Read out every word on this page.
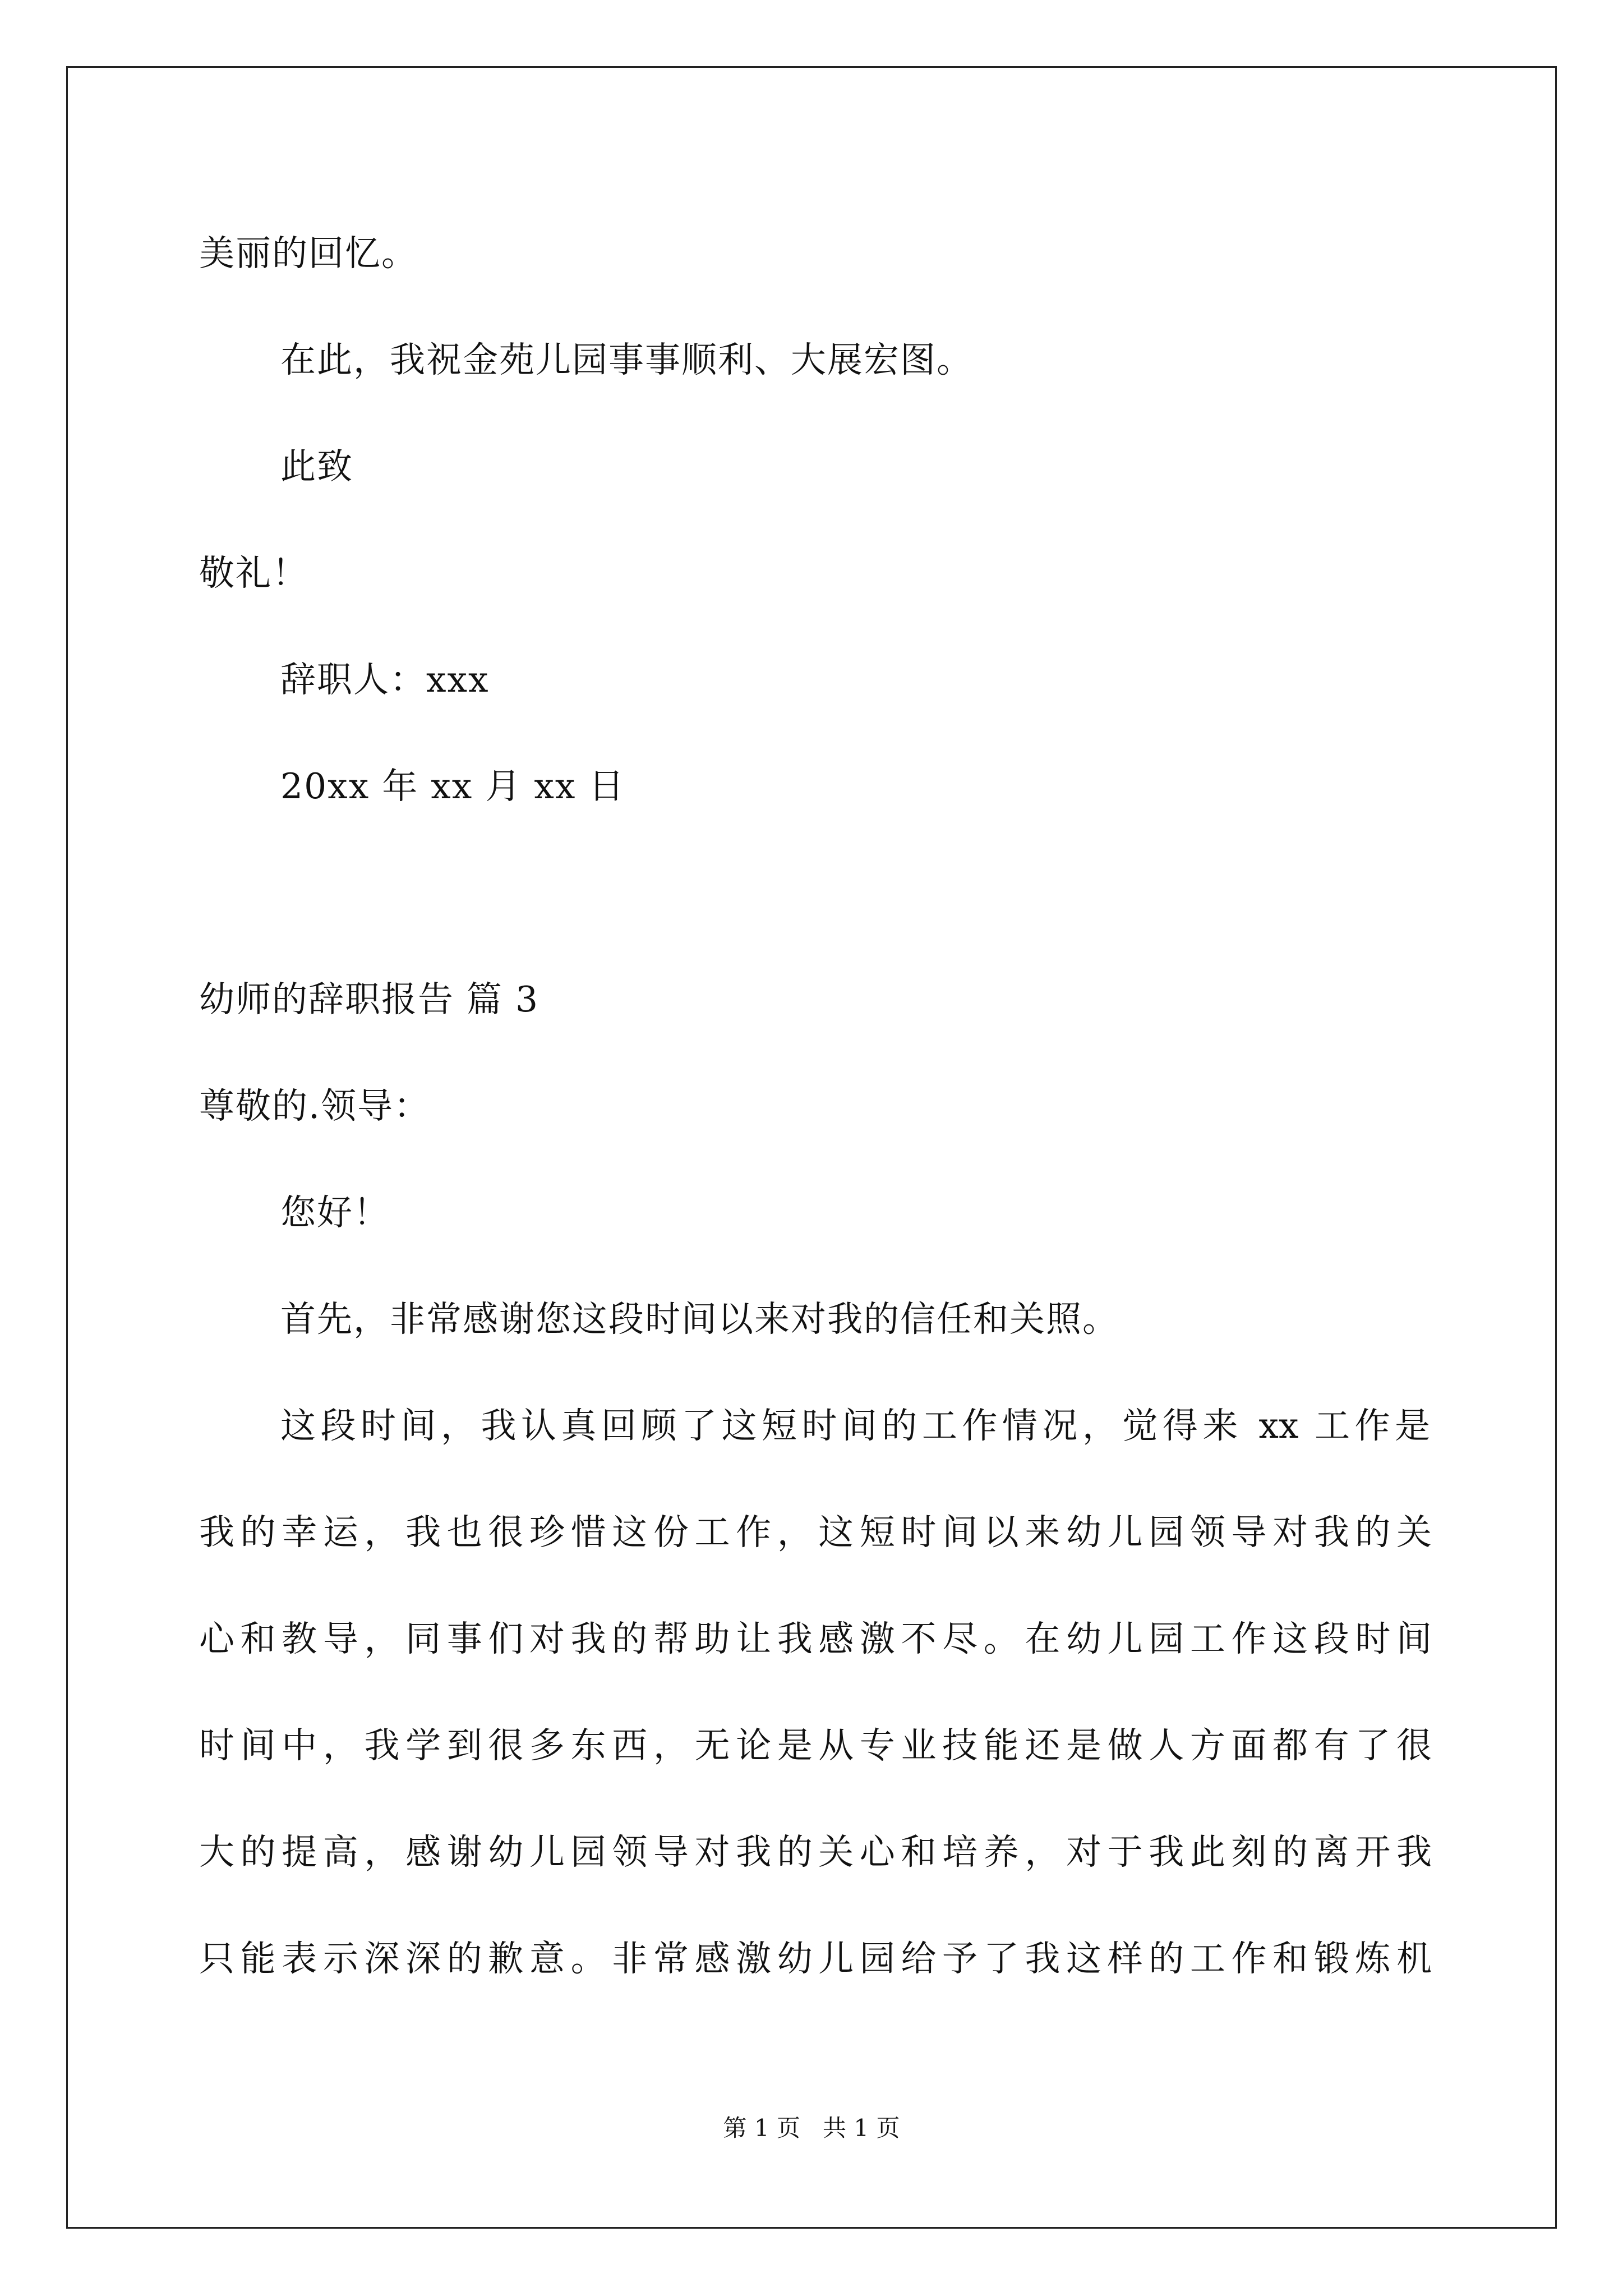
美丽的回忆。
在此，我祝金苑儿园事事顺利、大展宏图。
此致
敬礼！
辞职人：xxx
20xx 年 xx 月 xx 日
幼师的辞职报告 篇 3
尊敬的.领导：
您好！
首先，非常感谢您这段时间以来对我的信任和关照。
这段时间，我认真回顾了这短时间的工作情况，觉得来 xx 工作是
我的幸运，我也很珍惜这份工作，这短时间以来幼儿园领导对我的关
心和教导，同事们对我的帮助让我感激不尽。在幼儿园工作这段时间
时间中，我学到很多东西，无论是从专业技能还是做人方面都有了很
大的提高，感谢幼儿园领导对我的关心和培养，对于我此刻的离开我
只能表示深深的歉意。非常感激幼儿园给予了我这样的工作和锻炼机
第 1 页   共 1 页
